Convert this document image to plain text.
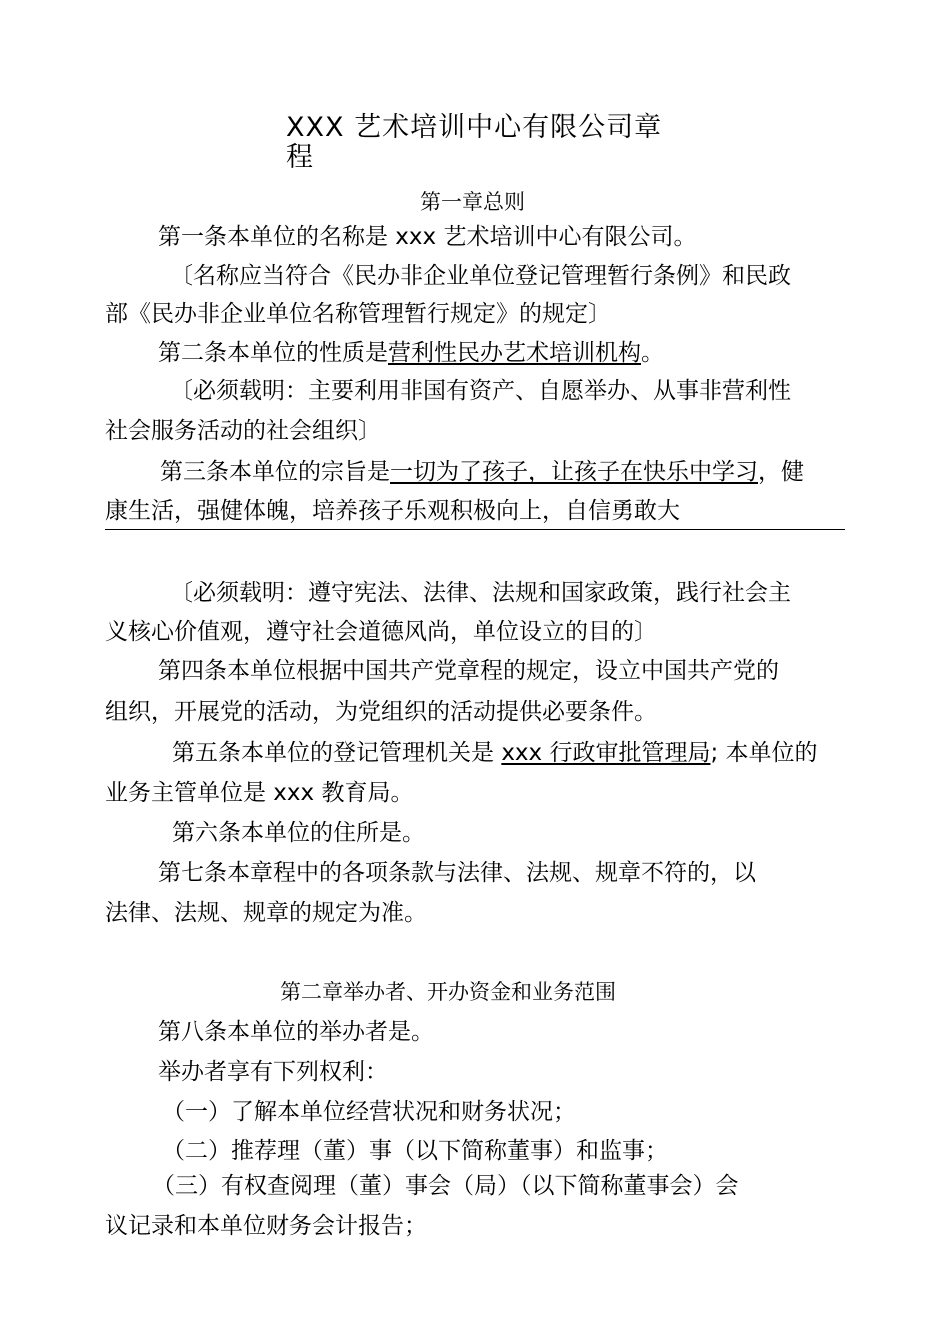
XXX 艺术培训中心有限公司章
程
第一章总则
第一条本单位的名称是 xxx 艺术培训中心有限公司。
〔名称应当符合《民办非企业单位登记管理暂行条例》和民政
部《民办非企业单位名称管理暂行规定》的规定〕
第二条本单位的性质是营利性民办艺术培训机构。
〔必须载明：主要利用非国有资产、自愿举办、从事非营利性
社会服务活动的社会组织〕
第三条本单位的宗旨是一切为了孩子，让孩子在快乐中学习，健
康生活，强健体魄，培养孩子乐观积极向上，自信勇敢大
〔必须载明：遵守宪法、法律、法规和国家政策，践行社会主
义核心价值观，遵守社会道德风尚，单位设立的目的〕
第四条本单位根据中国共产党章程的规定，设立中国共产党的
组织，开展党的活动，为党组织的活动提供必要条件。
第五条本单位的登记管理机关是 xxx 行政审批管理局; 本单位的
业务主管单位是 xxx 教育局。
第六条本单位的住所是。
第七条本章程中的各项条款与法律、法规、规章不符的，以
法律、法规、规章的规定为准。
第二章举办者、开办资金和业务范围
第八条本单位的举办者是。
举办者享有下列权利：
（一）了解本单位经营状况和财务状况；
（二）推荐理（董）事（以下简称董事）和监事；
（三）有权查阅理（董）事会（局）（以下简称董事会）会
议记录和本单位财务会计报告；
